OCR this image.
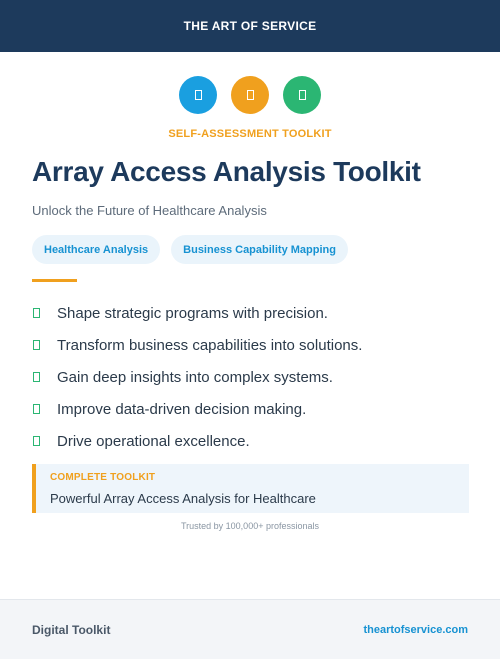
THE ART OF SERVICE
SELF-ASSESSMENT TOOLKIT
Array Access Analysis Toolkit
Unlock the Future of Healthcare Analysis
Healthcare Analysis	Business Capability Mapping
Shape strategic programs with precision.
Transform business capabilities into solutions.
Gain deep insights into complex systems.
Improve data-driven decision making.
Drive operational excellence.
COMPLETE TOOLKIT
Powerful Array Access Analysis for Healthcare
Trusted by 100,000+ professionals
Digital Toolkit	theartofservice.com
